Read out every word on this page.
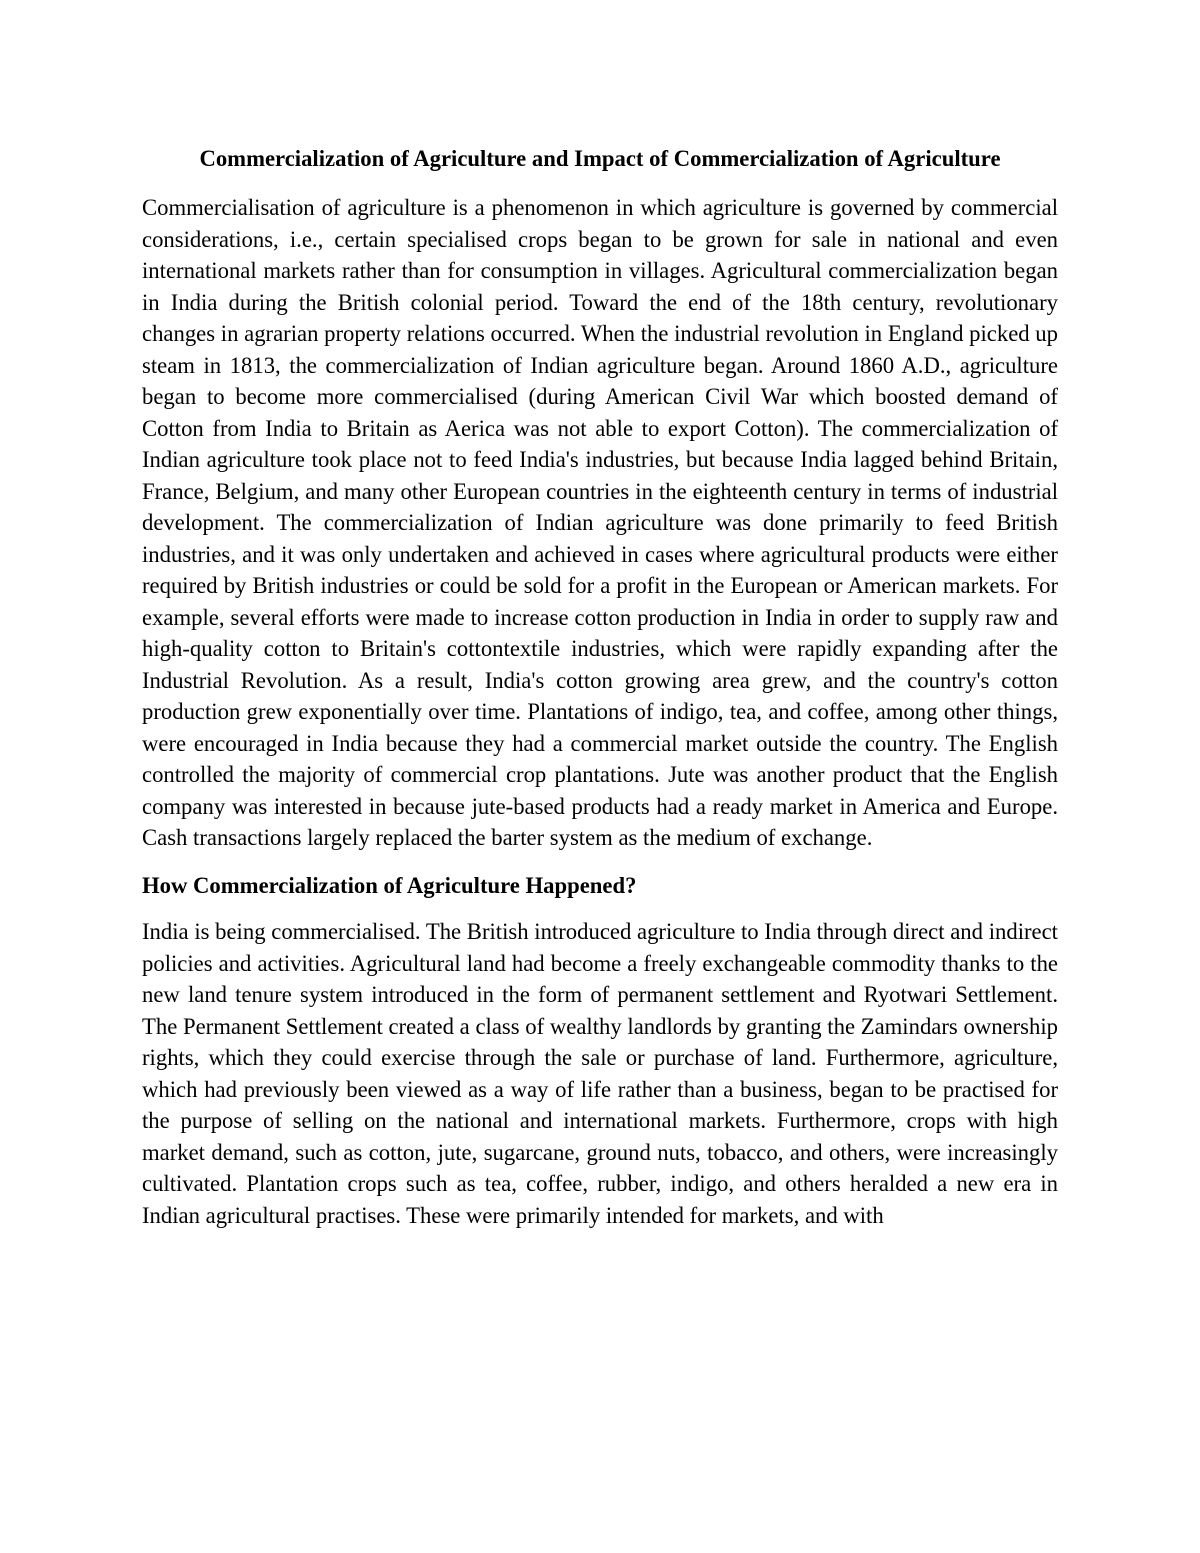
Commercialization of Agriculture and Impact of Commercialization of Agriculture

Commercialisation of agriculture is a phenomenon in which agriculture is governed by commercial considerations, i.e., certain specialised crops began to be grown for sale in national and even international markets rather than for consumption in villages. Agricultural commercialization began in India during the British colonial period. Toward the end of the 18th century, revolutionary changes in agrarian property relations occurred. When the industrial revolution in England picked up steam in 1813, the commercialization of Indian agriculture began. Around 1860 A.D., agriculture began to become more commercialised (during American Civil War which boosted demand of Cotton from India to Britain as Aerica was not able to export Cotton). The commercialization of Indian agriculture took place not to feed India's industries, but because India lagged behind Britain, France, Belgium, and many other European countries in the eighteenth century in terms of industrial development. The commercialization of Indian agriculture was done primarily to feed British industries, and it was only undertaken and achieved in cases where agricultural products were either required by British industries or could be sold for a profit in the European or American markets. For example, several efforts were made to increase cotton production in India in order to supply raw and high-quality cotton to Britain's cottontextile industries, which were rapidly expanding after the Industrial Revolution. As a result, India's cotton growing area grew, and the country's cotton production grew exponentially over time. Plantations of indigo, tea, and coffee, among other things, were encouraged in India because they had a commercial market outside the country. The English controlled the majority of commercial crop plantations. Jute was another product that the English company was interested in because jute-based products had a ready market in America and Europe. Cash transactions largely replaced the barter system as the medium of exchange.

How Commercialization of Agriculture Happened?

India is being commercialised. The British introduced agriculture to India through direct and indirect policies and activities. Agricultural land had become a freely exchangeable commodity thanks to the new land tenure system introduced in the form of permanent settlement and Ryotwari Settlement. The Permanent Settlement created a class of wealthy landlords by granting the Zamindars ownership rights, which they could exercise through the sale or purchase of land. Furthermore, agriculture, which had previously been viewed as a way of life rather than a business, began to be practised for the purpose of selling on the national and international markets. Furthermore, crops with high market demand, such as cotton, jute, sugarcane, ground nuts, tobacco, and others, were increasingly cultivated. Plantation crops such as tea, coffee, rubber, indigo, and others heralded a new era in Indian agricultural practises. These were primarily intended for markets, and with
